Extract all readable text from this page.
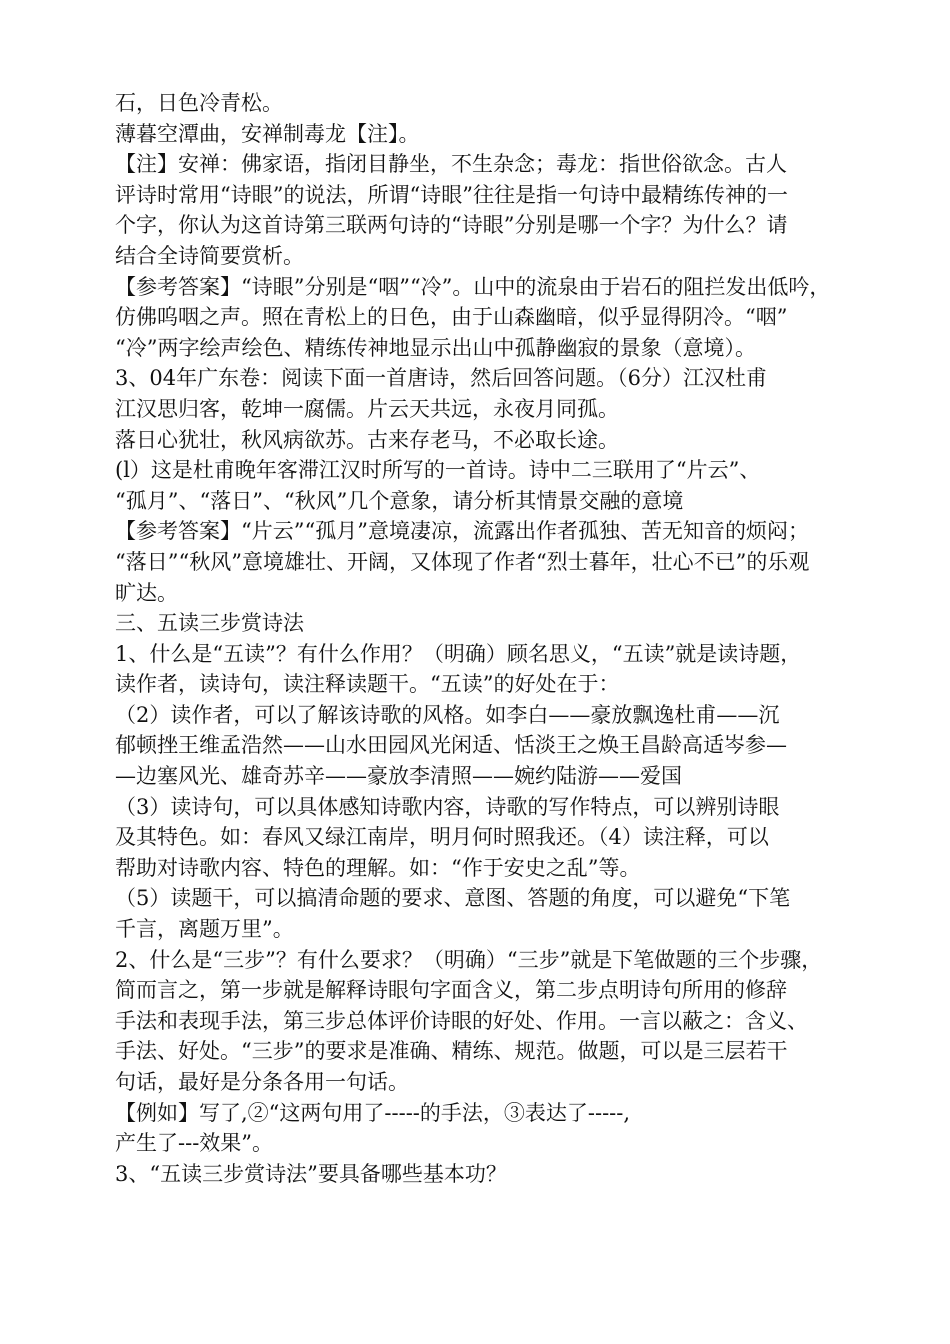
石，日色冷青松。
薄暮空潭曲，安禅制毒龙【注】。
【注】安禅：佛家语，指闭目静坐，不生杂念；毒龙：指世俗欲念。古人
评诗时常用“诗眼”的说法，所谓“诗眼”往往是指一句诗中最精练传神的一
个字，你认为这首诗第三联两句诗的“诗眼”分别是哪一个字？为什么？请
结合全诗简要赏析。
【参考答案】“诗眼”分别是“咽”“冷”。山中的流泉由于岩石的阻拦发出低吟，
仿佛呜咽之声。照在青松上的日色，由于山森幽暗，似乎显得阴冷。“咽”
“冷”两字绘声绘色、精练传神地显示出山中孤静幽寂的景象（意境）。
3、04年广东卷：阅读下面一首唐诗，然后回答问题。（6分）江汉杜甫
江汉思归客，乾坤一腐儒。片云天共远，永夜月同孤。
落日心犹壮，秋风病欲苏。古来存老马，不必取长途。
(l）这是杜甫晚年客滞江汉时所写的一首诗。诗中二三联用了“片云”、
“孤月”、“落日”、“秋风”几个意象，请分析其情景交融的意境
【参考答案】“片云”“孤月”意境凄凉，流露出作者孤独、苦无知音的烦闷；
“落日”“秋风”意境雄壮、开阔，又体现了作者“烈士暮年，壮心不已”的乐观
旷达。
三、五读三步赏诗法
1、什么是“五读”？有什么作用？（明确）顾名思义，“五读”就是读诗题，
读作者，读诗句，读注释读题干。“五读”的好处在于：
（2）读作者，可以了解该诗歌的风格。如李白——豪放飘逸杜甫——沉
郁顿挫王维孟浩然——山水田园风光闲适、恬淡王之焕王昌龄高适岑参—
—边塞风光、雄奇苏辛——豪放李清照——婉约陆游——爱国
（3）读诗句，可以具体感知诗歌内容，诗歌的写作特点，可以辨别诗眼
及其特色。如：春风又绿江南岸，明月何时照我还。（4）读注释，可以
帮助对诗歌内容、特色的理解。如：“作于安史之乱”等。
（5）读题干，可以搞清命题的要求、意图、答题的角度，可以避免“下笔
千言，离题万里”。
2、什么是“三步”？有什么要求？（明确）“三步”就是下笔做题的三个步骤，
简而言之，第一步就是解释诗眼句字面含义，第二步点明诗句所用的修辞
手法和表现手法，第三步总体评价诗眼的好处、作用。一言以蔽之：含义、
手法、好处。“三步”的要求是准确、精练、规范。做题，可以是三层若干
句话，最好是分条各用一句话。
【例如】写了,②“这两句用了-----的手法，③表达了-----,
产生了---效果”。
3、“五读三步赏诗法”要具备哪些基本功？
